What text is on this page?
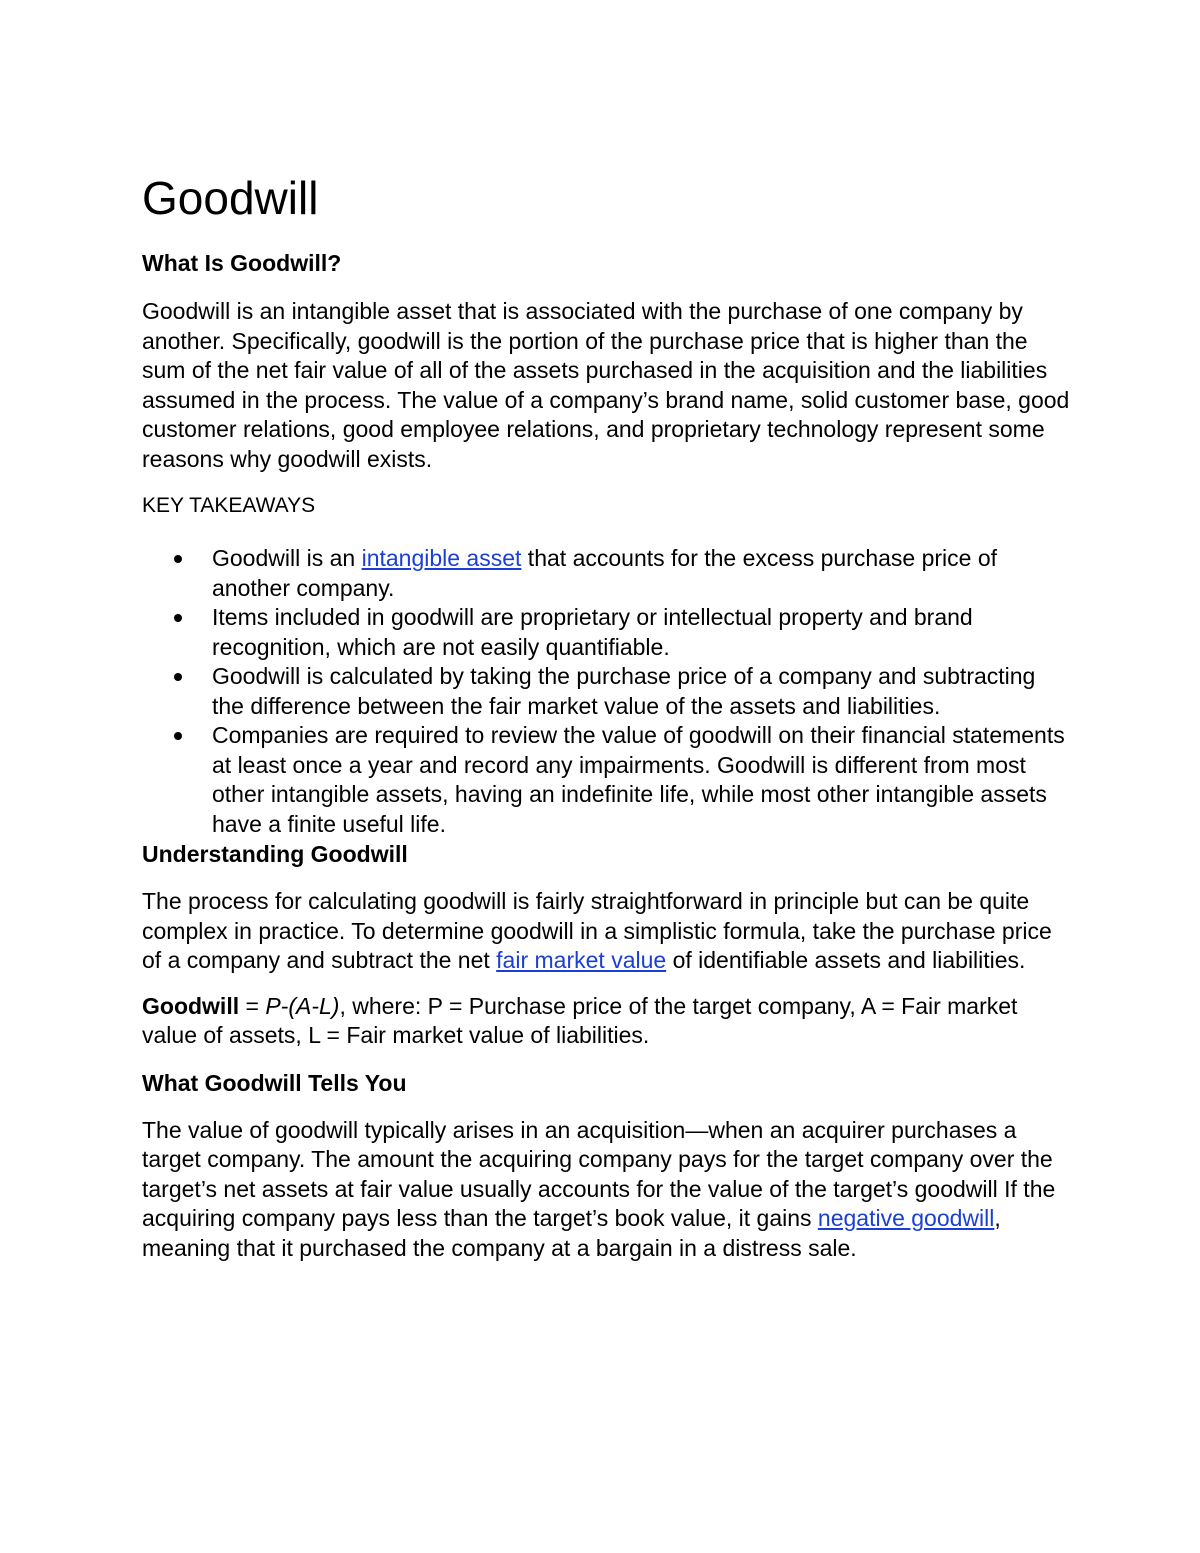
Goodwill
What Is Goodwill?

Goodwill is an intangible asset that is associated with the purchase of one company by another. Specifically, goodwill is the portion of the purchase price that is higher than the sum of the net fair value of all of the assets purchased in the acquisition and the liabilities assumed in the process. The value of a company’s brand name, solid customer base, good customer relations, good employee relations, and proprietary technology represent some reasons why goodwill exists.

KEY TAKEAWAYS

Goodwill is an intangible asset that accounts for the excess purchase price of another company.
Items included in goodwill are proprietary or intellectual property and brand recognition, which are not easily quantifiable.
Goodwill is calculated by taking the purchase price of a company and subtracting the difference between the fair market value of the assets and liabilities.
Companies are required to review the value of goodwill on their financial statements at least once a year and record any impairments. Goodwill is different from most other intangible assets, having an indefinite life, while most other intangible assets have a finite useful life.
Understanding Goodwill

The process for calculating goodwill is fairly straightforward in principle but can be quite complex in practice. To determine goodwill in a simplistic formula, take the purchase price of a company and subtract the net fair market value of identifiable assets and liabilities.

Goodwill = P-(A-L), where: P = Purchase price of the target company, A = Fair market value of assets, L = Fair market value of liabilities.

What Goodwill Tells You

The value of goodwill typically arises in an acquisition—when an acquirer purchases a target company. The amount the acquiring company pays for the target company over the target’s net assets at fair value usually accounts for the value of the target’s goodwill If the acquiring company pays less than the target’s book value, it gains negative goodwill, meaning that it purchased the company at a bargain in a distress sale.
